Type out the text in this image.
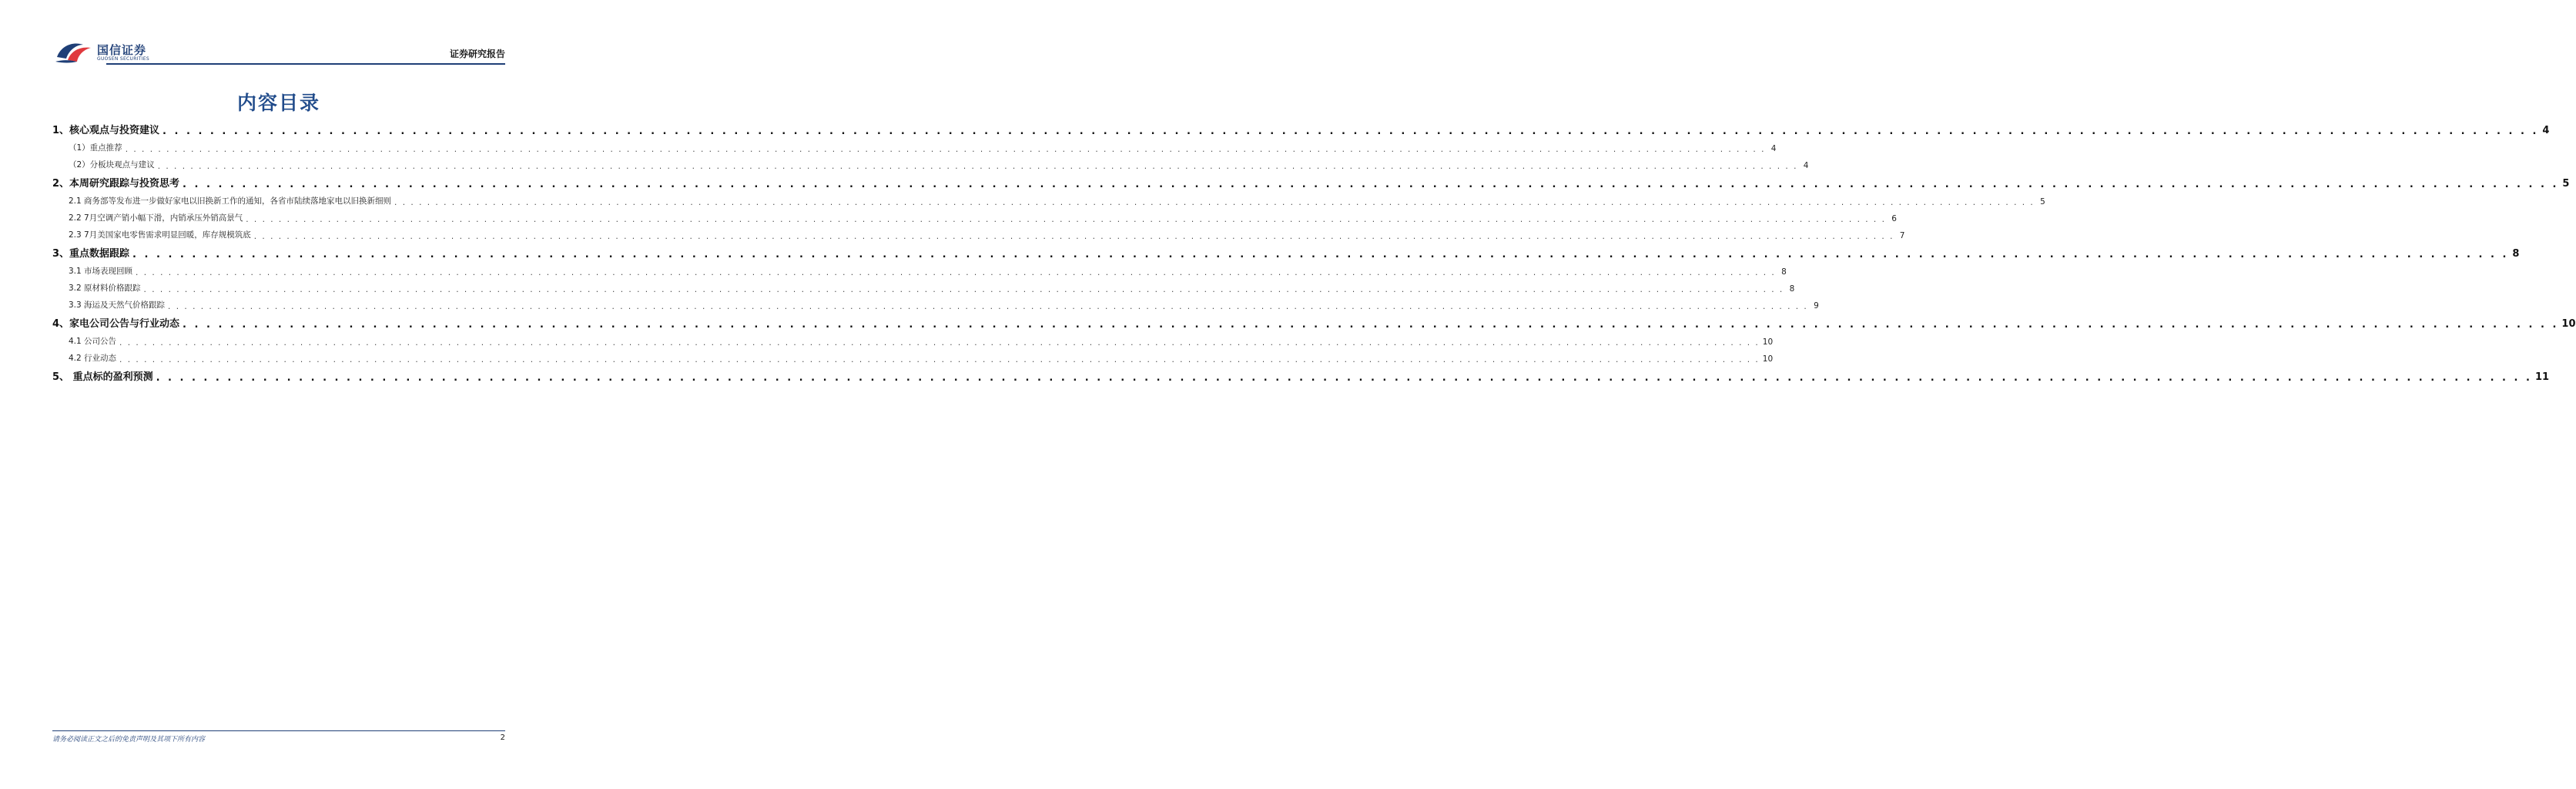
国信证券
GUOSEN SECURITIES	证券研究报告
内容目录
1、核心观点与投资建议 . . . . . . . . . . . . . . . . . . . . . . . . . . . . . . . . . . . . . . . . . . . . . . . . . . . . . . . . . . . . . . . . . . . . . . . . . . . . . . . . . . . . . . . . . . . . . . . . . . . . . . . . . . . . . . . . . . . . . . . . . . . . . . . . . . . . . . . . . . . . . . . . . . . . . . . . . . . . . . . . . . . . . . . . . . . . . . . . . . . . . . . . . . . . . . . . . . . . . . . . 4
（1）重点推荐 . . . . . . . . . . . . . . . . . . . . . . . . . . . . . . . . . . . . . . . . . . . . . . . . . . . . . . . . . . . . . . . . . . . . . . . . . . . . . . . . . . . . . . . . . . . . . . . . . . . . . . . . . . . . . . . . . . . . . . . . . . . . . . . . . . . . . . . . . . . . . . . . . . . . . . . . . . . . . . . . . . . . . . . . . . . . . . . . . . . . . . . . . . . . . . . . . . . . . . . . 4
（2）分板块观点与建议 . . . . . . . . . . . . . . . . . . . . . . . . . . . . . . . . . . . . . . . . . . . . . . . . . . . . . . . . . . . . . . . . . . . . . . . . . . . . . . . . . . . . . . . . . . . . . . . . . . . . . . . . . . . . . . . . . . . . . . . . . . . . . . . . . . . . . . . . . . . . . . . . . . . . . . . . . . . . . . . . . . . . . . . . . . . . . . . . . . . . . . . . . . . . . . . . . . . . . . . . 4
2、本周研究跟踪与投资思考 . . . . . . . . . . . . . . . . . . . . . . . . . . . . . . . . . . . . . . . . . . . . . . . . . . . . . . . . . . . . . . . . . . . . . . . . . . . . . . . . . . . . . . . . . . . . . . . . . . . . . . . . . . . . . . . . . . . . . . . . . . . . . . . . . . . . . . . . . . . . . . . . . . . . . . . . . . . . . . . . . . . . . . . . . . . . . . . . . . . . . . . . . . . . . . . . . . . . . . . . 5
2.1 商务部等发布进一步做好家电以旧换新工作的通知，各省市陆续落地家电以旧换新细则 . . . . . . . . . . . . . . . . . . . . . . . . . . . . . . . . . . . . . . . . . . . . . . . . . . . . . . . . . . . . . . . . . . . . . . . . . . . . . . . . . . . . . . . . . . . . . . . . . . . . . . . . . . . . . . . . . . . . . . . . . . . . . . . . . . . . . . . . . . . . . . . . . . . . . . . . . . . . . . . . . . . . . . . . . . . . . . . . . . . . . . . . . . . . . . . . . . . . . . . . 5
2.2 7月空调产销小幅下滑，内销承压外销高景气 . . . . . . . . . . . . . . . . . . . . . . . . . . . . . . . . . . . . . . . . . . . . . . . . . . . . . . . . . . . . . . . . . . . . . . . . . . . . . . . . . . . . . . . . . . . . . . . . . . . . . . . . . . . . . . . . . . . . . . . . . . . . . . . . . . . . . . . . . . . . . . . . . . . . . . . . . . . . . . . . . . . . . . . . . . . . . . . . . . . . . . . . . . . . . . . . . . . . . . . . 6
2.3 7月美国家电零售需求明显回暖，库存规模筑底 . . . . . . . . . . . . . . . . . . . . . . . . . . . . . . . . . . . . . . . . . . . . . . . . . . . . . . . . . . . . . . . . . . . . . . . . . . . . . . . . . . . . . . . . . . . . . . . . . . . . . . . . . . . . . . . . . . . . . . . . . . . . . . . . . . . . . . . . . . . . . . . . . . . . . . . . . . . . . . . . . . . . . . . . . . . . . . . . . . . . . . . . . . . . . . . . . . . . . . . . 7
3、重点数据跟踪 . . . . . . . . . . . . . . . . . . . . . . . . . . . . . . . . . . . . . . . . . . . . . . . . . . . . . . . . . . . . . . . . . . . . . . . . . . . . . . . . . . . . . . . . . . . . . . . . . . . . . . . . . . . . . . . . . . . . . . . . . . . . . . . . . . . . . . . . . . . . . . . . . . . . . . . . . . . . . . . . . . . . . . . . . . . . . . . . . . . . . . . . . . . . . . . . . . . . . . . . 8
3.1 市场表现回顾 . . . . . . . . . . . . . . . . . . . . . . . . . . . . . . . . . . . . . . . . . . . . . . . . . . . . . . . . . . . . . . . . . . . . . . . . . . . . . . . . . . . . . . . . . . . . . . . . . . . . . . . . . . . . . . . . . . . . . . . . . . . . . . . . . . . . . . . . . . . . . . . . . . . . . . . . . . . . . . . . . . . . . . . . . . . . . . . . . . . . . . . . . . . . . . . . . . . . . . . . 8
3.2 原材料价格跟踪 . . . . . . . . . . . . . . . . . . . . . . . . . . . . . . . . . . . . . . . . . . . . . . . . . . . . . . . . . . . . . . . . . . . . . . . . . . . . . . . . . . . . . . . . . . . . . . . . . . . . . . . . . . . . . . . . . . . . . . . . . . . . . . . . . . . . . . . . . . . . . . . . . . . . . . . . . . . . . . . . . . . . . . . . . . . . . . . . . . . . . . . . . . . . . . . . . . . . . . . . 8
3.3 海运及天然气价格跟踪 . . . . . . . . . . . . . . . . . . . . . . . . . . . . . . . . . . . . . . . . . . . . . . . . . . . . . . . . . . . . . . . . . . . . . . . . . . . . . . . . . . . . . . . . . . . . . . . . . . . . . . . . . . . . . . . . . . . . . . . . . . . . . . . . . . . . . . . . . . . . . . . . . . . . . . . . . . . . . . . . . . . . . . . . . . . . . . . . . . . . . . . . . . . . . . . . . . . . . . . . 9
4、家电公司公告与行业动态 . . . . . . . . . . . . . . . . . . . . . . . . . . . . . . . . . . . . . . . . . . . . . . . . . . . . . . . . . . . . . . . . . . . . . . . . . . . . . . . . . . . . . . . . . . . . . . . . . . . . . . . . . . . . . . . . . . . . . . . . . . . . . . . . . . . . . . . . . . . . . . . . . . . . . . . . . . . . . . . . . . . . . . . . . . . . . . . . . . . . . . . . . . . . . . . . . . . . . . . . 10
4.1 公司公告 . . . . . . . . . . . . . . . . . . . . . . . . . . . . . . . . . . . . . . . . . . . . . . . . . . . . . . . . . . . . . . . . . . . . . . . . . . . . . . . . . . . . . . . . . . . . . . . . . . . . . . . . . . . . . . . . . . . . . . . . . . . . . . . . . . . . . . . . . . . . . . . . . . . . . . . . . . . . . . . . . . . . . . . . . . . . . . . . . . . . . . . . . . . . . . . . . . . . . . . . 10
4.2 行业动态 . . . . . . . . . . . . . . . . . . . . . . . . . . . . . . . . . . . . . . . . . . . . . . . . . . . . . . . . . . . . . . . . . . . . . . . . . . . . . . . . . . . . . . . . . . . . . . . . . . . . . . . . . . . . . . . . . . . . . . . . . . . . . . . . . . . . . . . . . . . . . . . . . . . . . . . . . . . . . . . . . . . . . . . . . . . . . . . . . . . . . . . . . . . . . . . . . . . . . . . . 10
5、 重点标的盈利预测 . . . . . . . . . . . . . . . . . . . . . . . . . . . . . . . . . . . . . . . . . . . . . . . . . . . . . . . . . . . . . . . . . . . . . . . . . . . . . . . . . . . . . . . . . . . . . . . . . . . . . . . . . . . . . . . . . . . . . . . . . . . . . . . . . . . . . . . . . . . . . . . . . . . . . . . . . . . . . . . . . . . . . . . . . . . . . . . . . . . . . . . . . . . . . . . . . . . . . . . . 11
请务必阅读正文之后的免责声明及其项下所有内容	2
